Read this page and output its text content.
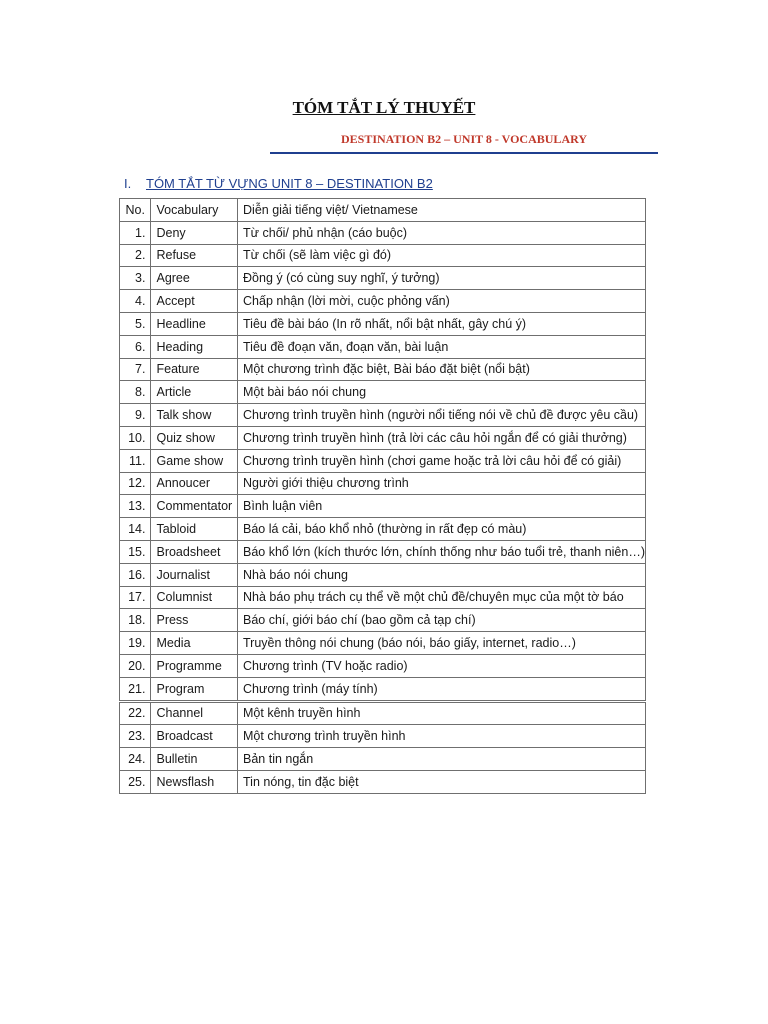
TÓM TẮT LÝ THUYẾT
DESTINATION B2 – UNIT 8 - VOCABULARY
I. TÓM TẮT TỪ VỰNG UNIT 8 – DESTINATION B2
No.	Vocabulary	Diễn giải tiếng việt/ Vietnamese
1.	Deny	Từ chối/ phủ nhận (cáo buộc)
2.	Refuse	Từ chối (sẽ làm việc gì đó)
3.	Agree	Đồng ý (có cùng suy nghĩ, ý tưởng)
4.	Accept	Chấp nhận (lời mời, cuộc phỏng vấn)
5.	Headline	Tiêu đề bài báo (In rõ nhất, nổi bật nhất, gây chú ý)
6.	Heading	Tiêu đề đoạn văn, đoạn văn, bài luận
7.	Feature	Một chương trình đặc biệt, Bài báo đặt biệt (nổi bật)
8.	Article	Một bài báo nói chung
9.	Talk show	Chương trình truyền hình (người nổi tiếng nói về chủ đề được yêu cầu)
10.	Quiz show	Chương trình truyền hình (trả lời các câu hỏi ngắn để có giải thưởng)
11.	Game show	Chương trình truyền hình (chơi game hoặc trả lời câu hỏi để có giải)
12.	Annoucer	Người giới thiệu chương trình
13.	Commentator	Bình luận viên
14.	Tabloid	Báo lá cải, báo khổ nhỏ (thường in rất đẹp có màu)
15.	Broadsheet	Báo khổ lớn (kích thước lớn, chính thống như báo tuổi trẻ, thanh niên…)
16.	Journalist	Nhà báo nói chung
17.	Columnist	Nhà báo phụ trách cụ thể về một chủ đề/chuyên mục của một tờ báo
18.	Press	Báo chí, giới báo chí (bao gồm cả tạp chí)
19.	Media	Truyền thông nói chung (báo nói, báo giấy, internet, radio…)
20.	Programme	Chương trình (TV hoặc radio)
21.	Program	Chương trình (máy tính)
22.	Channel	Một kênh truyền hình
23.	Broadcast	Một chương trình truyền hình
24.	Bulletin	Bản tin ngắn
25.	Newsflash	Tin nóng, tin đặc biệt
